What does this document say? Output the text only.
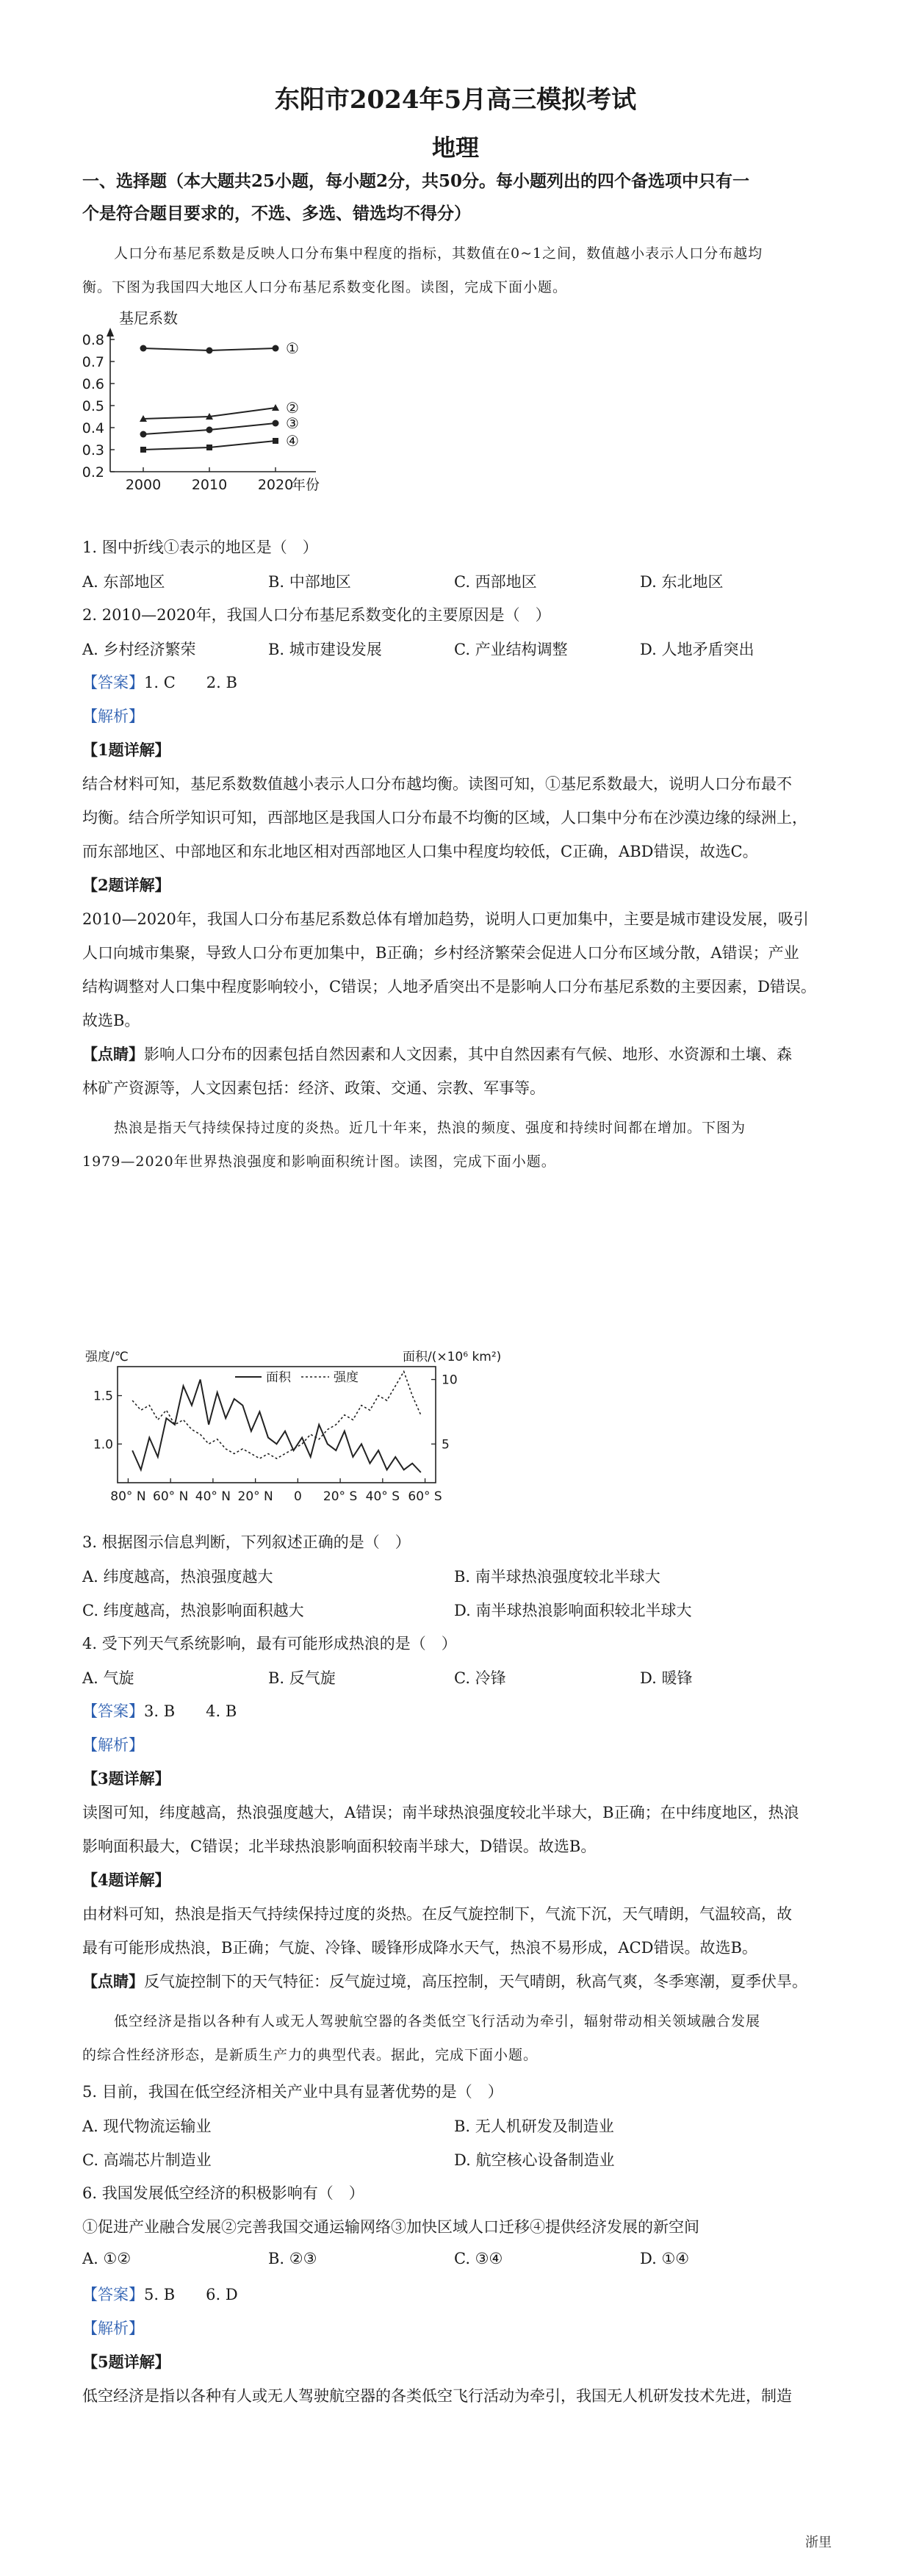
东阳市2024年5月高三模拟考试
地理
一、选择题（本大题共25小题，每小题2分，共50分。每小题列出的四个备选项中只有一
个是符合题目要求的，不选、多选、错选均不得分）
人口分布基尼系数是反映人口分布集中程度的指标，其数值在0~1之间，数值越小表示人口分布越均
衡。下图为我国四大地区人口分布基尼系数变化图。读图，完成下面小题。
基尼系数
0.2
0.3
0.4
0.5
0.6
0.7
0.8
2000 2010 2020
年份
①
②
③
④
1. 图中折线①表示的地区是（　）
A. 东部地区	B. 中部地区	C. 西部地区	D. 东北地区
2. 2010—2020年，我国人口分布基尼系数变化的主要原因是（　）
A. 乡村经济繁荣	B. 城市建设发展	C. 产业结构调整	D. 人地矛盾突出
【答案】1. C　　2. B
【解析】
【1题详解】
结合材料可知，基尼系数数值越小表示人口分布越均衡。读图可知，①基尼系数最大，说明人口分布最不
均衡。结合所学知识可知，西部地区是我国人口分布最不均衡的区域，人口集中分布在沙漠边缘的绿洲上，
而东部地区、中部地区和东北地区相对西部地区人口集中程度均较低，C正确，ABD错误，故选C。
【2题详解】
2010—2020年，我国人口分布基尼系数总体有增加趋势，说明人口更加集中，主要是城市建设发展，吸引
人口向城市集聚，导致人口分布更加集中，B正确；乡村经济繁荣会促进人口分布区域分散，A错误；产业
结构调整对人口集中程度影响较小，C错误；人地矛盾突出不是影响人口分布基尼系数的主要因素，D错误。
故选B。
【点睛】影响人口分布的因素包括自然因素和人文因素，其中自然因素有气候、地形、水资源和土壤、森
林矿产资源等，人文因素包括：经济、政策、交通、宗教、军事等。
热浪是指天气持续保持过度的炎热。近几十年来，热浪的频度、强度和持续时间都在增加。下图为
1979—2020年世界热浪强度和影响面积统计图。读图，完成下面小题。
强度/℃	面积/(×10⁶ km²)
1.0
1.5
5
10
80° N 60° N 40° N 20° N 0 20° S 40° S 60° S
面积	强度
3. 根据图示信息判断，下列叙述正确的是（　）
A. 纬度越高，热浪强度越大	B. 南半球热浪强度较北半球大
C. 纬度越高，热浪影响面积越大	D. 南半球热浪影响面积较北半球大
4. 受下列天气系统影响，最有可能形成热浪的是（　）
A. 气旋	B. 反气旋	C. 冷锋	D. 暖锋
【答案】3. B　　4. B
【解析】
【3题详解】
读图可知，纬度越高，热浪强度越大，A错误；南半球热浪强度较北半球大，B正确；在中纬度地区，热浪
影响面积最大，C错误；北半球热浪影响面积较南半球大，D错误。故选B。
【4题详解】
由材料可知，热浪是指天气持续保持过度的炎热。在反气旋控制下，气流下沉，天气晴朗，气温较高，故
最有可能形成热浪，B正确；气旋、冷锋、暖锋形成降水天气，热浪不易形成，ACD错误。故选B。
【点睛】反气旋控制下的天气特征：反气旋过境，高压控制，天气晴朗，秋高气爽，冬季寒潮，夏季伏旱。
低空经济是指以各种有人或无人驾驶航空器的各类低空飞行活动为牵引，辐射带动相关领域融合发展
的综合性经济形态，是新质生产力的典型代表。据此，完成下面小题。
5. 目前，我国在低空经济相关产业中具有显著优势的是（　）
A. 现代物流运输业	B. 无人机研发及制造业
C. 高端芯片制造业	D. 航空核心设备制造业
6. 我国发展低空经济的积极影响有（　）
①促进产业融合发展②完善我国交通运输网络③加快区域人口迁移④提供经济发展的新空间
A. ①②	B. ②③	C. ③④	D. ①④
【答案】5. B　　6. D
【解析】
【5题详解】
低空经济是指以各种有人或无人驾驶航空器的各类低空飞行活动为牵引，我国无人机研发技术先进，制造
浙里
